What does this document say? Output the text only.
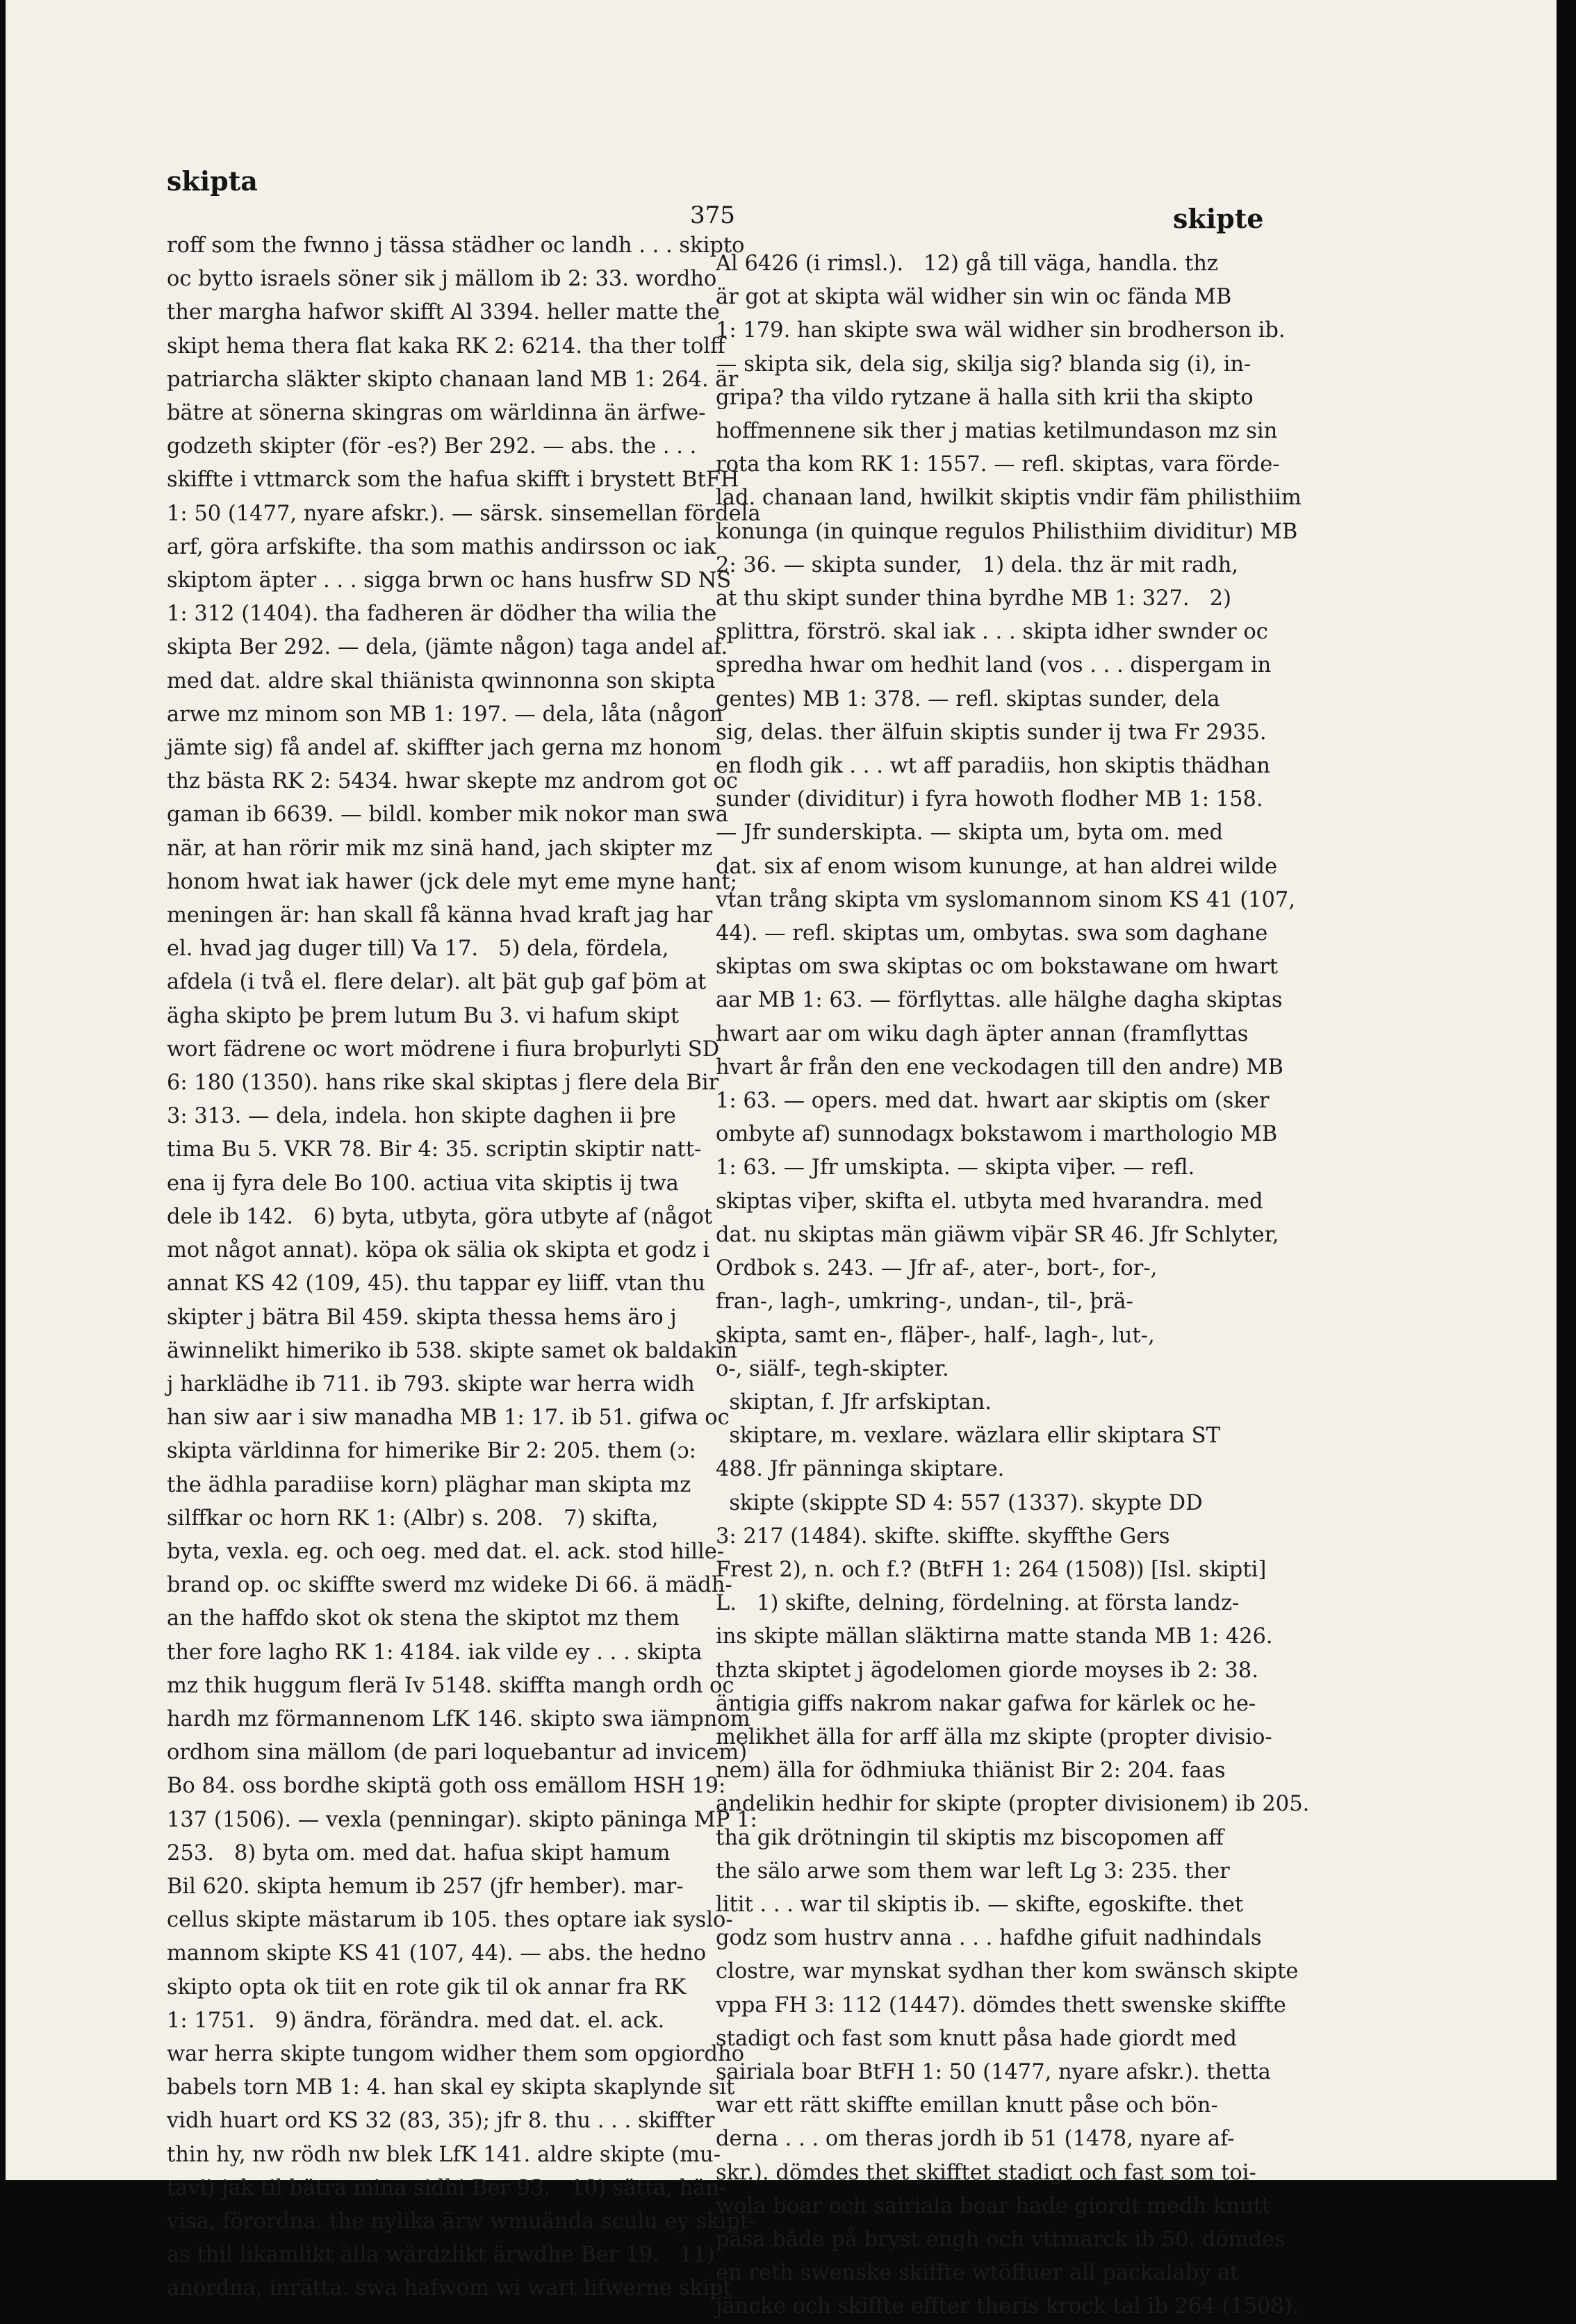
skipta
375	skipte
roff som the fwnno j tässa städher oc landh . . . skipto
oc bytto israels söner sik j mällom ib 2: 33. wordho
ther margha hafwor skifft Al 3394. heller matte the
skipt hema thera flat kaka RK 2: 6214. tha ther tolff
patriarcha släkter skipto chanaan land MB 1: 264. är
bätre at sönerna skingras om wärldinna än ärfwe-
godzeth skipter (för -es?) Ber 292. — abs. the . . .
skiffte i vttmarck som the hafua skifft i brystett BtFH
1: 50 (1477, nyare afskr.). — särsk. sinsemellan fördela
arf, göra arfskifte. tha som mathis andirsson oc iak
skiptom äpter . . . sigga brwn oc hans husfrw SD NS
1: 312 (1404). tha fadheren är dödher tha wilia the
skipta Ber 292. — dela, (jämte någon) taga andel af.
med dat. aldre skal thiänista qwinnonna son skipta
arwe mz minom son MB 1: 197. — dela, låta (någon
jämte sig) få andel af. skiffter jach gerna mz honom
thz bästa RK 2: 5434. hwar skepte mz androm got oc
gaman ib 6639. — bildl. komber mik nokor man swa
när, at han rörir mik mz sinä hand, jach skipter mz
honom hwat iak hawer (jck dele myt eme myne hant;
meningen är: han skall få känna hvad kraft jag har
el. hvad jag duger till) Va 17.   5) dela, fördela,
afdela (i två el. flere delar). alt þät guþ gaf þöm at
ägha skipto þe þrem lutum Bu 3. vi hafum skipt
wort fädrene oc wort mödrene i fiura broþurlyti SD
6: 180 (1350). hans rike skal skiptas j flere dela Bir
3: 313. — dela, indela. hon skipte daghen ii þre
tima Bu 5. VKR 78. Bir 4: 35. scriptin skiptir natt-
ena ij fyra dele Bo 100. actiua vita skiptis ij twa
dele ib 142.   6) byta, utbyta, göra utbyte af (något
mot något annat). köpa ok sälia ok skipta et godz i
annat KS 42 (109, 45). thu tappar ey liiff. vtan thu
skipter j bätra Bil 459. skipta thessa hems äro j
äwinnelikt himeriko ib 538. skipte samet ok baldakin
j harklädhe ib 711. ib 793. skipte war herra widh
han siw aar i siw manadha MB 1: 17. ib 51. gifwa oc
skipta världinna for himerike Bir 2: 205. them (ɔ:
the ädhla paradiise korn) pläghar man skipta mz
silffkar oc horn RK 1: (Albr) s. 208.   7) skifta,
byta, vexla. eg. och oeg. med dat. el. ack. stod hille-
brand op. oc skiffte swerd mz wideke Di 66. ä mädh-
an the haffdo skot ok stena the skiptot mz them
ther fore lagho RK 1: 4184. iak vilde ey . . . skipta
mz thik huggum flerä Iv 5148. skiffta mangh ordh oc
hardh mz förmannenom LfK 146. skipto swa iämpnom
ordhom sina mällom (de pari loquebantur ad invicem)
Bo 84. oss bordhe skiptä goth oss emällom HSH 19:
137 (1506). — vexla (penningar). skipto päninga MP 1:
253.   8) byta om. med dat. hafua skipt hamum
Bil 620. skipta hemum ib 257 (jfr hember). mar-
cellus skipte mästarum ib 105. thes optare iak syslo-
mannom skipte KS 41 (107, 44). — abs. the hedno
skipto opta ok tiit en rote gik til ok annar fra RK
1: 1751.   9) ändra, förändra. med dat. el. ack.
war herra skipte tungom widher them som opgiordho
babels torn MB 1: 4. han skal ey skipta skaplynde sit
vidh huart ord KS 32 (83, 35); jfr 8. thu . . . skiffter
thin hy, nw rödh nw blek LfK 141. aldre skipte (mu-
tavi) jak til bätra mina sidhi Ber 93.   10) sätta, hän-
visa, förordna. the nylika ärw wmuända sculu ey skipt-
as thil likamlikt älla wärdzlikt ärwdhe Ber 19.   11)
anordna, inrätta. swa hafwom wi wart lifwerne skipt
Al 6426 (i rimsl.).   12) gå till väga, handla. thz
är got at skipta wäl widher sin win oc fända MB
1: 179. han skipte swa wäl widher sin brodherson ib.
— skipta sik, dela sig, skilja sig? blanda sig (i), in-
gripa? tha vildo rytzane ä halla sith krii tha skipto
hoffmennene sik ther j matias ketilmundason mz sin
rota tha kom RK 1: 1557. — refl. skiptas, vara förde-
lad. chanaan land, hwilkit skiptis vndir fäm philisthiim
konunga (in quinque regulos Philisthiim dividitur) MB
2: 36. — skipta sunder,   1) dela. thz är mit radh,
at thu skipt sunder thina byrdhe MB 1: 327.   2)
splittra, förströ. skal iak . . . skipta idher swnder oc
spredha hwar om hedhit land (vos . . . dispergam in
gentes) MB 1: 378. — refl. skiptas sunder, dela
sig, delas. ther älfuin skiptis sunder ij twa Fr 2935.
en flodh gik . . . wt aff paradiis, hon skiptis thädhan
sunder (dividitur) i fyra howoth flodher MB 1: 158.
— Jfr sunderskipta. — skipta um, byta om. med
dat. six af enom wisom kununge, at han aldrei wilde
vtan trång skipta vm syslomannom sinom KS 41 (107,
44). — refl. skiptas um, ombytas. swa som daghane
skiptas om swa skiptas oc om bokstawane om hwart
aar MB 1: 63. — förflyttas. alle hälghe dagha skiptas
hwart aar om wiku dagh äpter annan (framflyttas
hvart år från den ene veckodagen till den andre) MB
1: 63. — opers. med dat. hwart aar skiptis om (sker
ombyte af) sunnodagx bokstawom i marthologio MB
1: 63. — Jfr umskipta. — skipta viþer. — refl.
skiptas viþer, skifta el. utbyta med hvarandra. med
dat. nu skiptas män giäwm viþär SR 46. Jfr Schlyter,
Ordbok s. 243. — Jfr af-, ater-, bort-, for-,
fran-, lagh-, umkring-, undan-, til-, þrä-
skipta, samt en-, fläþer-, half-, lagh-, lut-,
o-, siälf-, tegh-skipter.
skiptan, f. Jfr arfskiptan.
skiptare, m. vexlare. wäzlara ellir skiptara ST
488. Jfr pänninga skiptare.
skipte (skippte SD 4: 557 (1337). skypte DD
3: 217 (1484). skifte. skiffte. skyffthe Gers
Frest 2), n. och f.? (BtFH 1: 264 (1508)) [Isl. skipti]
L.   1) skifte, delning, fördelning. at första landz-
ins skipte mällan släktirna matte standa MB 1: 426.
thzta skiptet j ägodelomen giorde moyses ib 2: 38.
äntigia giffs nakrom nakar gafwa for kärlek oc he-
melikhet älla for arff älla mz skipte (propter divisio-
nem) älla for ödhmiuka thiänist Bir 2: 204. faas
andelikin hedhir for skipte (propter divisionem) ib 205.
tha gik drötningin til skiptis mz biscopomen aff
the sälo arwe som them war left Lg 3: 235. ther
litit . . . war til skiptis ib. — skifte, egoskifte. thet
godz som hustrv anna . . . hafdhe gifuit nadhindals
clostre, war mynskat sydhan ther kom swänsch skipte
vppa FH 3: 112 (1447). dömdes thett swenske skiffte
stadigt och fast som knutt påsa hade giordt med
sairiala boar BtFH 1: 50 (1477, nyare afskr.). thetta
war ett rätt skiffte emillan knutt påse och bön-
derna . . . om theras jordh ib 51 (1478, nyare af-
skr.). dömdes thet skifftet stadigt och fast som toi-
wola boar och sairiala boar hade giordt medh knutt
påsa både på bryst engh och vttmarck ib 50. dömdes
en reth swenske skiffte wtöffuer all packalaby at
jäncke och skiffte effter theris krock tal ib 264 (1508).
